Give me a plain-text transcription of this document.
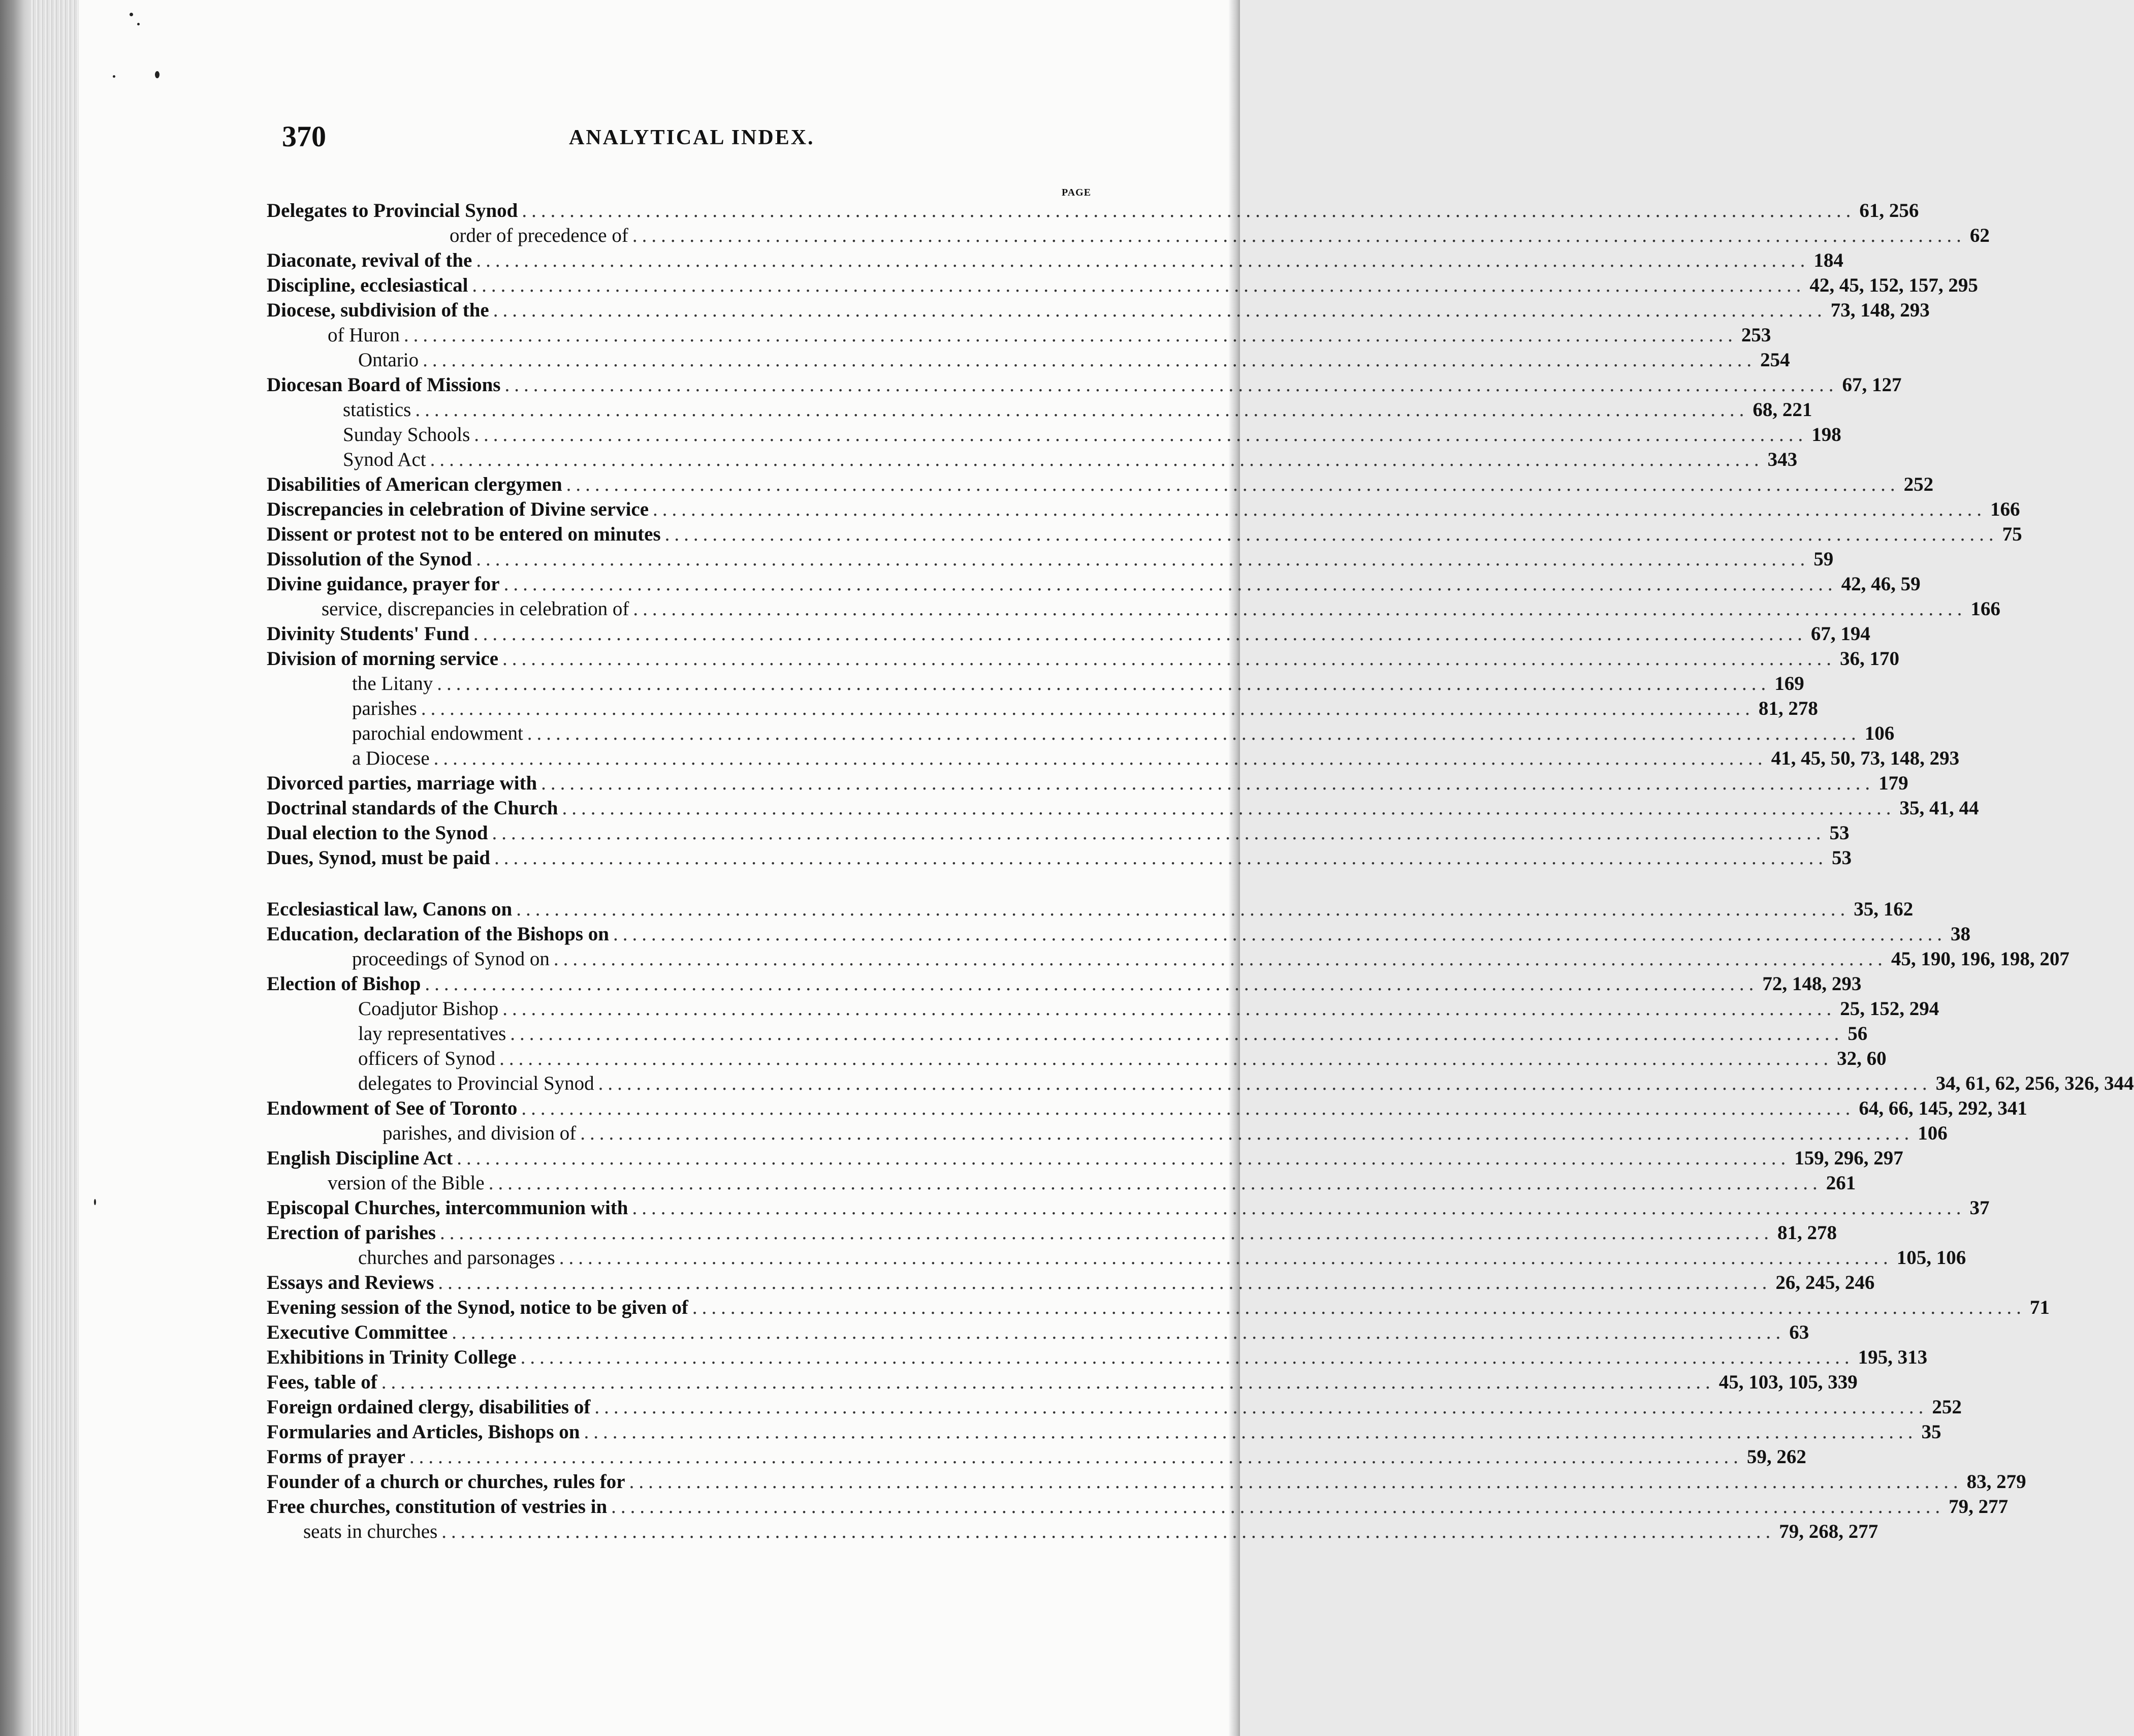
370	ANALYTICAL INDEX.
PAGE
Delegates to Provincial Synod ............................................................................................................................................ 61, 256
order of precedence of ............................................................................................................................................ 62
Diaconate, revival of the ............................................................................................................................................ 184
Discipline, ecclesiastical ............................................................................................................................................ 42, 45, 152, 157, 295
Diocese, subdivision of the ............................................................................................................................................ 73, 148, 293
of Huron ............................................................................................................................................ 253
Ontario ............................................................................................................................................ 254
Diocesan Board of Missions ............................................................................................................................................ 67, 127
statistics ............................................................................................................................................ 68, 221
Sunday Schools ............................................................................................................................................ 198
Synod Act ............................................................................................................................................ 343
Disabilities of American clergymen ............................................................................................................................................ 252
Discrepancies in celebration of Divine service ............................................................................................................................................ 166
Dissent or protest not to be entered on minutes ............................................................................................................................................ 75
Dissolution of the Synod ............................................................................................................................................ 59
Divine guidance, prayer for ............................................................................................................................................ 42, 46, 59
service, discrepancies in celebration of ............................................................................................................................................ 166
Divinity Students' Fund ............................................................................................................................................ 67, 194
Division of morning service ............................................................................................................................................ 36, 170
the Litany ............................................................................................................................................ 169
parishes ............................................................................................................................................ 81, 278
parochial endowment ............................................................................................................................................ 106
a Diocese ............................................................................................................................................ 41, 45, 50, 73, 148, 293
Divorced parties, marriage with ............................................................................................................................................ 179
Doctrinal standards of the Church ............................................................................................................................................ 35, 41, 44
Dual election to the Synod ............................................................................................................................................ 53
Dues, Synod, must be paid ............................................................................................................................................ 53
Ecclesiastical law, Canons on ............................................................................................................................................ 35, 162
Education, declaration of the Bishops on ............................................................................................................................................ 38
proceedings of Synod on ............................................................................................................................................ 45, 190, 196, 198, 207
Election of Bishop ............................................................................................................................................ 72, 148, 293
Coadjutor Bishop ............................................................................................................................................ 25, 152, 294
lay representatives ............................................................................................................................................ 56
officers of Synod ............................................................................................................................................ 32, 60
delegates to Provincial Synod ............................................................................................................................................ 34, 61, 62, 256, 326, 344
Endowment of See of Toronto ............................................................................................................................................ 64, 66, 145, 292, 341
parishes, and division of ............................................................................................................................................ 106
English Discipline Act ............................................................................................................................................ 159, 296, 297
version of the Bible ............................................................................................................................................ 261
Episcopal Churches, intercommunion with ............................................................................................................................................ 37
Erection of parishes ............................................................................................................................................ 81, 278
churches and parsonages ............................................................................................................................................ 105, 106
Essays and Reviews ............................................................................................................................................ 26, 245, 246
Evening session of the Synod, notice to be given of ............................................................................................................................................ 71
Executive Committee ............................................................................................................................................ 63
Exhibitions in Trinity College ............................................................................................................................................ 195, 313
Fees, table of ............................................................................................................................................ 45, 103, 105, 339
Foreign ordained clergy, disabilities of ............................................................................................................................................ 252
Formularies and Articles, Bishops on ............................................................................................................................................ 35
Forms of prayer ............................................................................................................................................ 59, 262
Founder of a church or churches, rules for ............................................................................................................................................ 83, 279
Free churches, constitution of vestries in ............................................................................................................................................ 79, 277
seats in churches ............................................................................................................................................ 79, 268, 277
